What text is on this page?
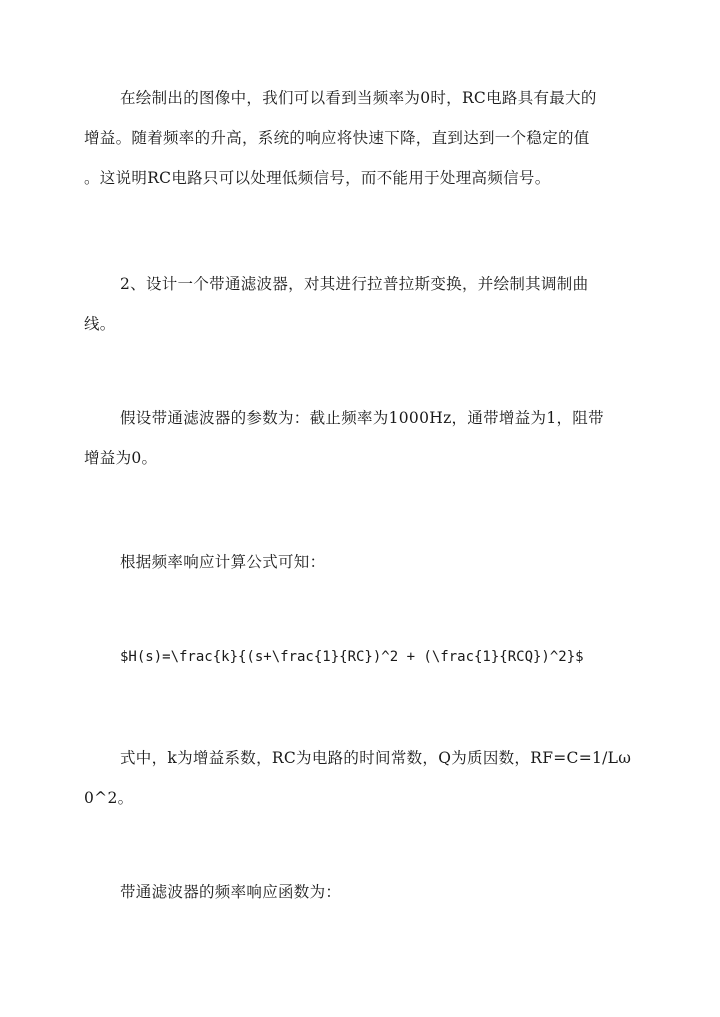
在绘制出的图像中，我们可以看到当频率为0时，RC电路具有最大的
增益。随着频率的升高，系统的响应将快速下降，直到达到一个稳定的值
。这说明RC电路只可以处理低频信号，而不能用于处理高频信号。
2、设计一个带通滤波器，对其进行拉普拉斯变换，并绘制其调制曲
线。
假设带通滤波器的参数为：截止频率为1000Hz，通带增益为1，阻带
增益为0。
根据频率响应计算公式可知：
$H(s)=\frac{k}{(s+\frac{1}{RC})^2 + (\frac{1}{RCQ})^2}$
式中，k为增益系数，RC为电路的时间常数，Q为质因数，RF=C=1/Lω
0^2。
带通滤波器的频率响应函数为：
